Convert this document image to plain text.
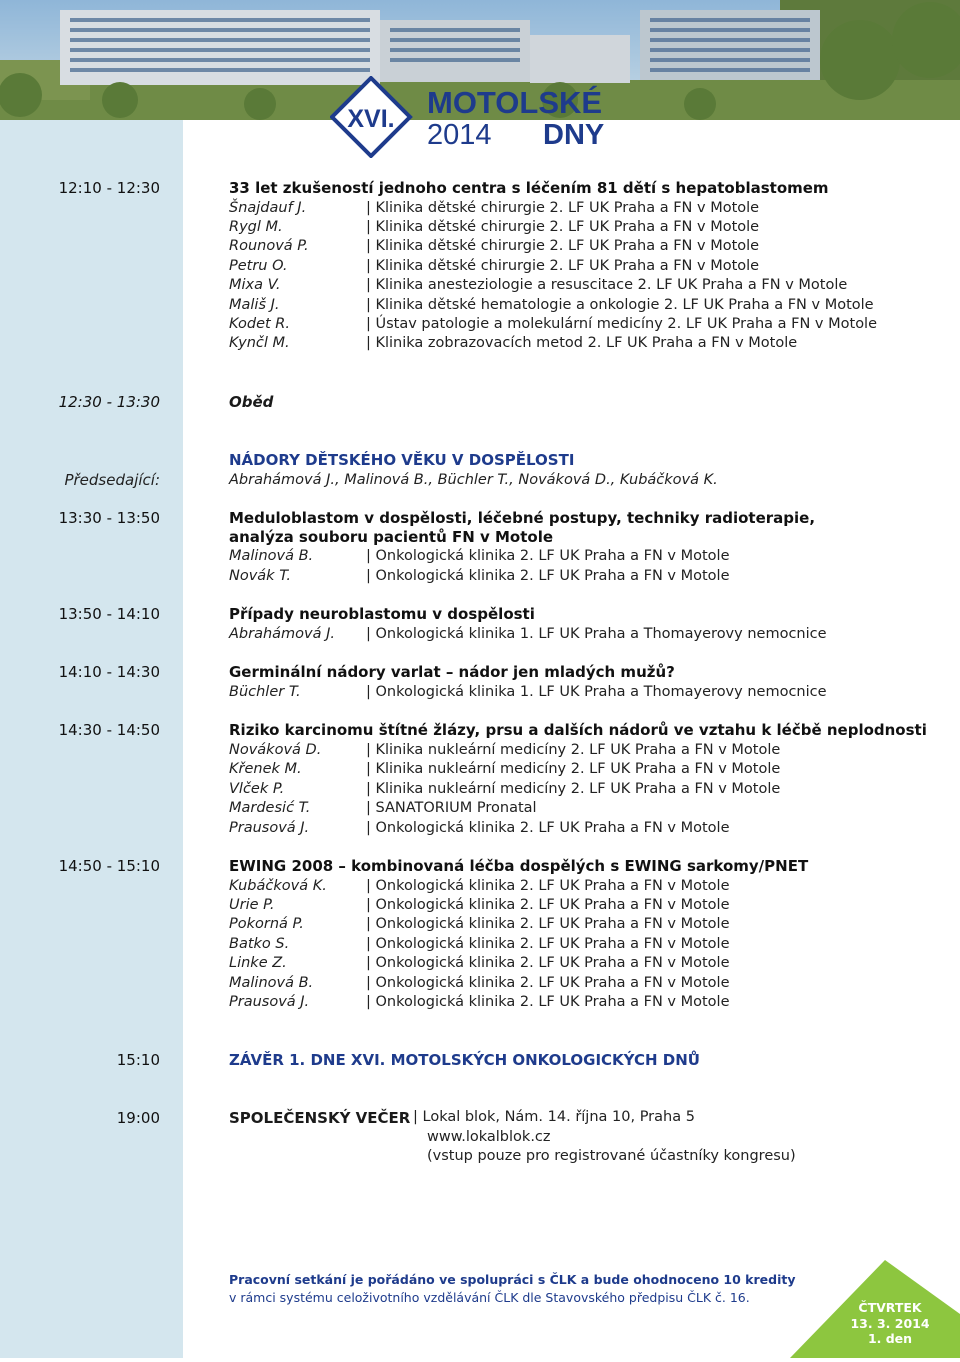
XVI. MOTOLSKÉ
2014 DNY
12:10 - 12:30	33 let zkušeností jednoho centra s léčením 81 dětí s hepatoblastomem
Šnajdauf J.	| Klinika dětské chirurgie 2. LF UK Praha a FN v Motole
Rygl M.	| Klinika dětské chirurgie 2. LF UK Praha a FN v Motole
Rounová P.	| Klinika dětské chirurgie 2. LF UK Praha a FN v Motole
Petru O.	| Klinika dětské chirurgie 2. LF UK Praha a FN v Motole
Mixa V.	| Klinika anesteziologie a resuscitace 2. LF UK Praha a FN v Motole
Mališ J.	| Klinika dětské hematologie a onkologie 2. LF UK Praha a FN v Motole
Kodet R.	| Ústav patologie a molekulární medicíny 2. LF UK Praha a FN v Motole
Kynčl M.	| Klinika zobrazovacích metod 2. LF UK Praha a FN v Motole
12:30 - 13:30	Oběd
NÁDORY DĚTSKÉHO VĚKU V DOSPĚLOSTI
Předsedající:	Abrahámová J., Malinová B., Büchler T., Nováková D., Kubáčková K.
13:30 - 13:50	Meduloblastom v dospělosti, léčebné postupy, techniky radioterapie,
analýza souboru pacientů FN v Motole
Malinová B.	| Onkologická klinika 2. LF UK Praha a FN v Motole
Novák T.	| Onkologická klinika 2. LF UK Praha a FN v Motole
13:50 - 14:10	Případy neuroblastomu v dospělosti
Abrahámová J. | Onkologická klinika 1. LF UK Praha a Thomayerovy nemocnice
14:10 - 14:30	Germinální nádory varlat – nádor jen mladých mužů?
Büchler T.	| Onkologická klinika 1. LF UK Praha a Thomayerovy nemocnice
14:30 - 14:50	Riziko karcinomu štítné žlázy, prsu a dalších nádorů ve vztahu k léčbě neplodnosti
Nováková D.	| Klinika nukleární medicíny 2. LF UK Praha a FN v Motole
Křenek M.	| Klinika nukleární medicíny 2. LF UK Praha a FN v Motole
Vlček P.	| Klinika nukleární medicíny 2. LF UK Praha a FN v Motole
Mardesić T.	| SANATORIUM Pronatal
Prausová J.	| Onkologická klinika 2. LF UK Praha a FN v Motole
14:50 - 15:10	EWING 2008 – kombinovaná léčba dospělých s EWING sarkomy/PNET
Kubáčková K.	| Onkologická klinika 2. LF UK Praha a FN v Motole
Urie P.	| Onkologická klinika 2. LF UK Praha a FN v Motole
Pokorná P.	| Onkologická klinika 2. LF UK Praha a FN v Motole
Batko S.	| Onkologická klinika 2. LF UK Praha a FN v Motole
Linke Z.	| Onkologická klinika 2. LF UK Praha a FN v Motole
Malinová B.	| Onkologická klinika 2. LF UK Praha a FN v Motole
Prausová J.	| Onkologická klinika 2. LF UK Praha a FN v Motole
15:10	ZÁVĚR 1. DNE XVI. MOTOLSKÝCH ONKOLOGICKÝCH DNŮ
19:00	SPOLEČENSKÝ VEČER | Lokal blok, Nám. 14. října 10, Praha 5
www.lokalblok.cz
(vstup pouze pro registrované účastníky kongresu)
Pracovní setkání je pořádáno ve spolupráci s ČLK a bude ohodnoceno 10 kredity
v rámci systému celoživotního vzdělávání ČLK dle Stavovského předpisu ČLK č. 16.
ČTVRTEK
13. 3. 2014
1. den
